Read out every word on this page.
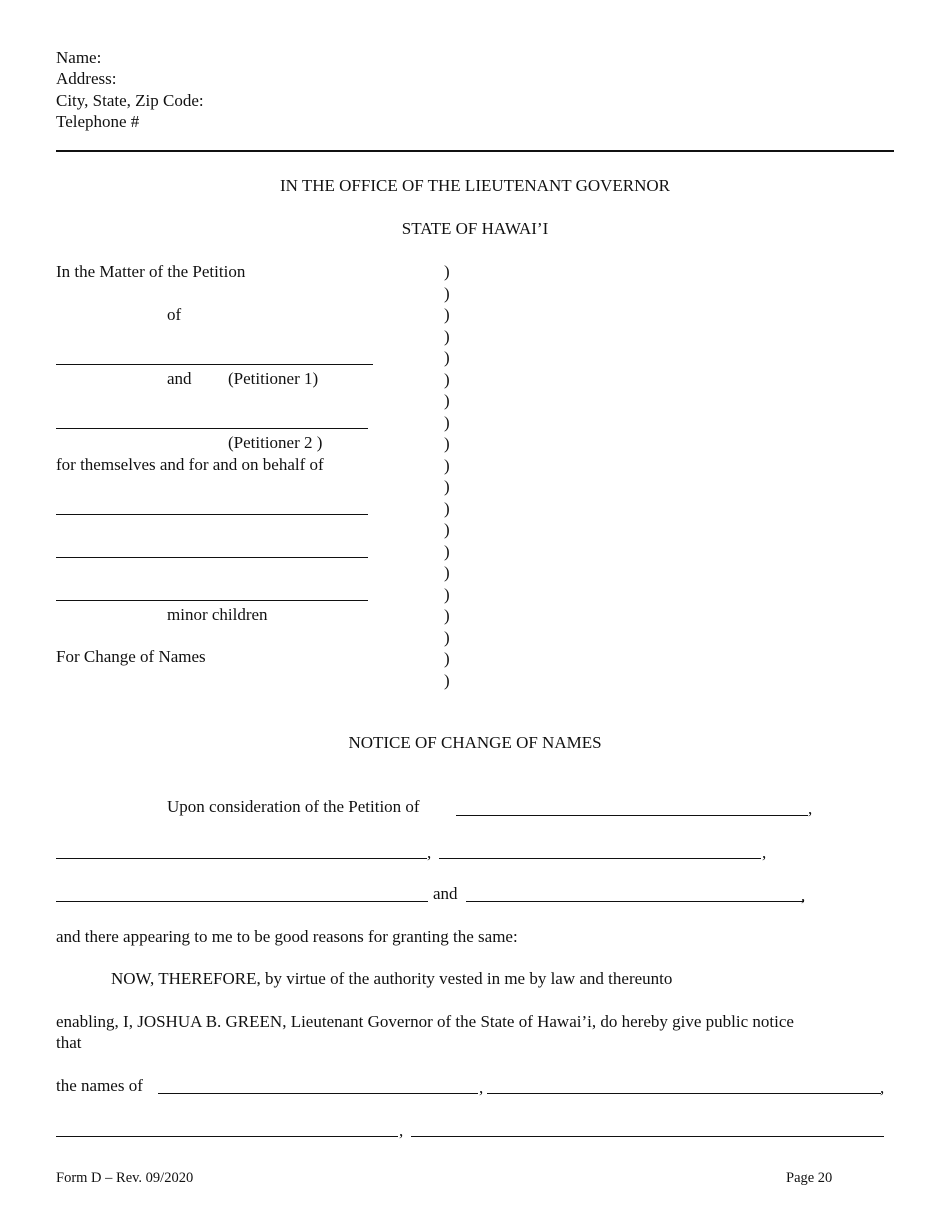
Name:
Address:
City, State, Zip Code:
Telephone #
IN THE OFFICE OF THE LIEUTENANT GOVERNOR
STATE OF HAWAI’I
In the Matter of the Petition
of
and (Petitioner 1)
(Petitioner 2 )
for themselves and for and on behalf of
minor children
For Change of Names
)
)
)
)
)
)
)
)
)
)
)
)
)
)
)
)
)
)
)
)
NOTICE OF CHANGE OF NAMES
Upon consideration of the Petition of	,
,	,
and	,
and there appearing to me to be good reasons for granting the same:
NOW, THEREFORE, by virtue of the authority vested in me by law and thereunto
enabling, I, JOSHUA B. GREEN, Lieutenant Governor of the State of Hawai’i, do hereby give public notice
that
the names of	,	,
,
Form D – Rev. 09/2020	Page 20
